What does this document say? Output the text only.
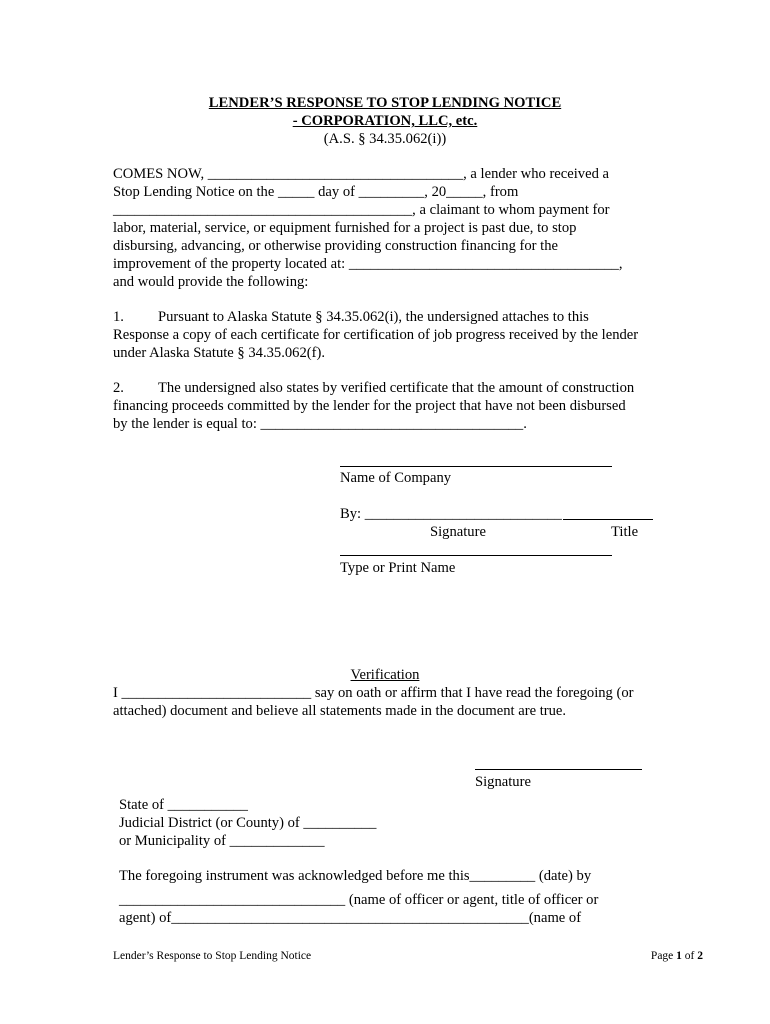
LENDER’S RESPONSE TO STOP LENDING NOTICE
- CORPORATION, LLC, etc.
(A.S. § 34.35.062(i))
COMES NOW, ___________________________________, a lender who received a
Stop Lending Notice on the _____ day of _________, 20_____, from
_________________________________________, a claimant to whom payment for
labor, material, service, or equipment furnished for a project is past due, to stop
disbursing, advancing, or otherwise providing construction financing for the
improvement of the property located at: _____________________________________,
and would provide the following:
1. Pursuant to Alaska Statute § 34.35.062(i), the undersigned attaches to this
Response a copy of each certificate for certification of job progress received by the lender
under Alaska Statute § 34.35.062(f).
2. The undersigned also states by verified certificate that the amount of construction
financing proceeds committed by the lender for the project that have not been disbursed
by the lender is equal to: ____________________________________.
Name of Company
By: ___________________________
Signature	Title
Type or Print Name
Verification
I __________________________ say on oath or affirm that I have read the foregoing (or
attached) document and believe all statements made in the document are true.
Signature
State of ___________
Judicial District (or County) of __________
or Municipality of _____________
The foregoing instrument was acknowledged before me this_________ (date) by
_______________________________ (name of officer or agent, title of officer or
agent) of_________________________________________________(name of
Lender’s Response to Stop Lending Notice	Page 1 of 2
